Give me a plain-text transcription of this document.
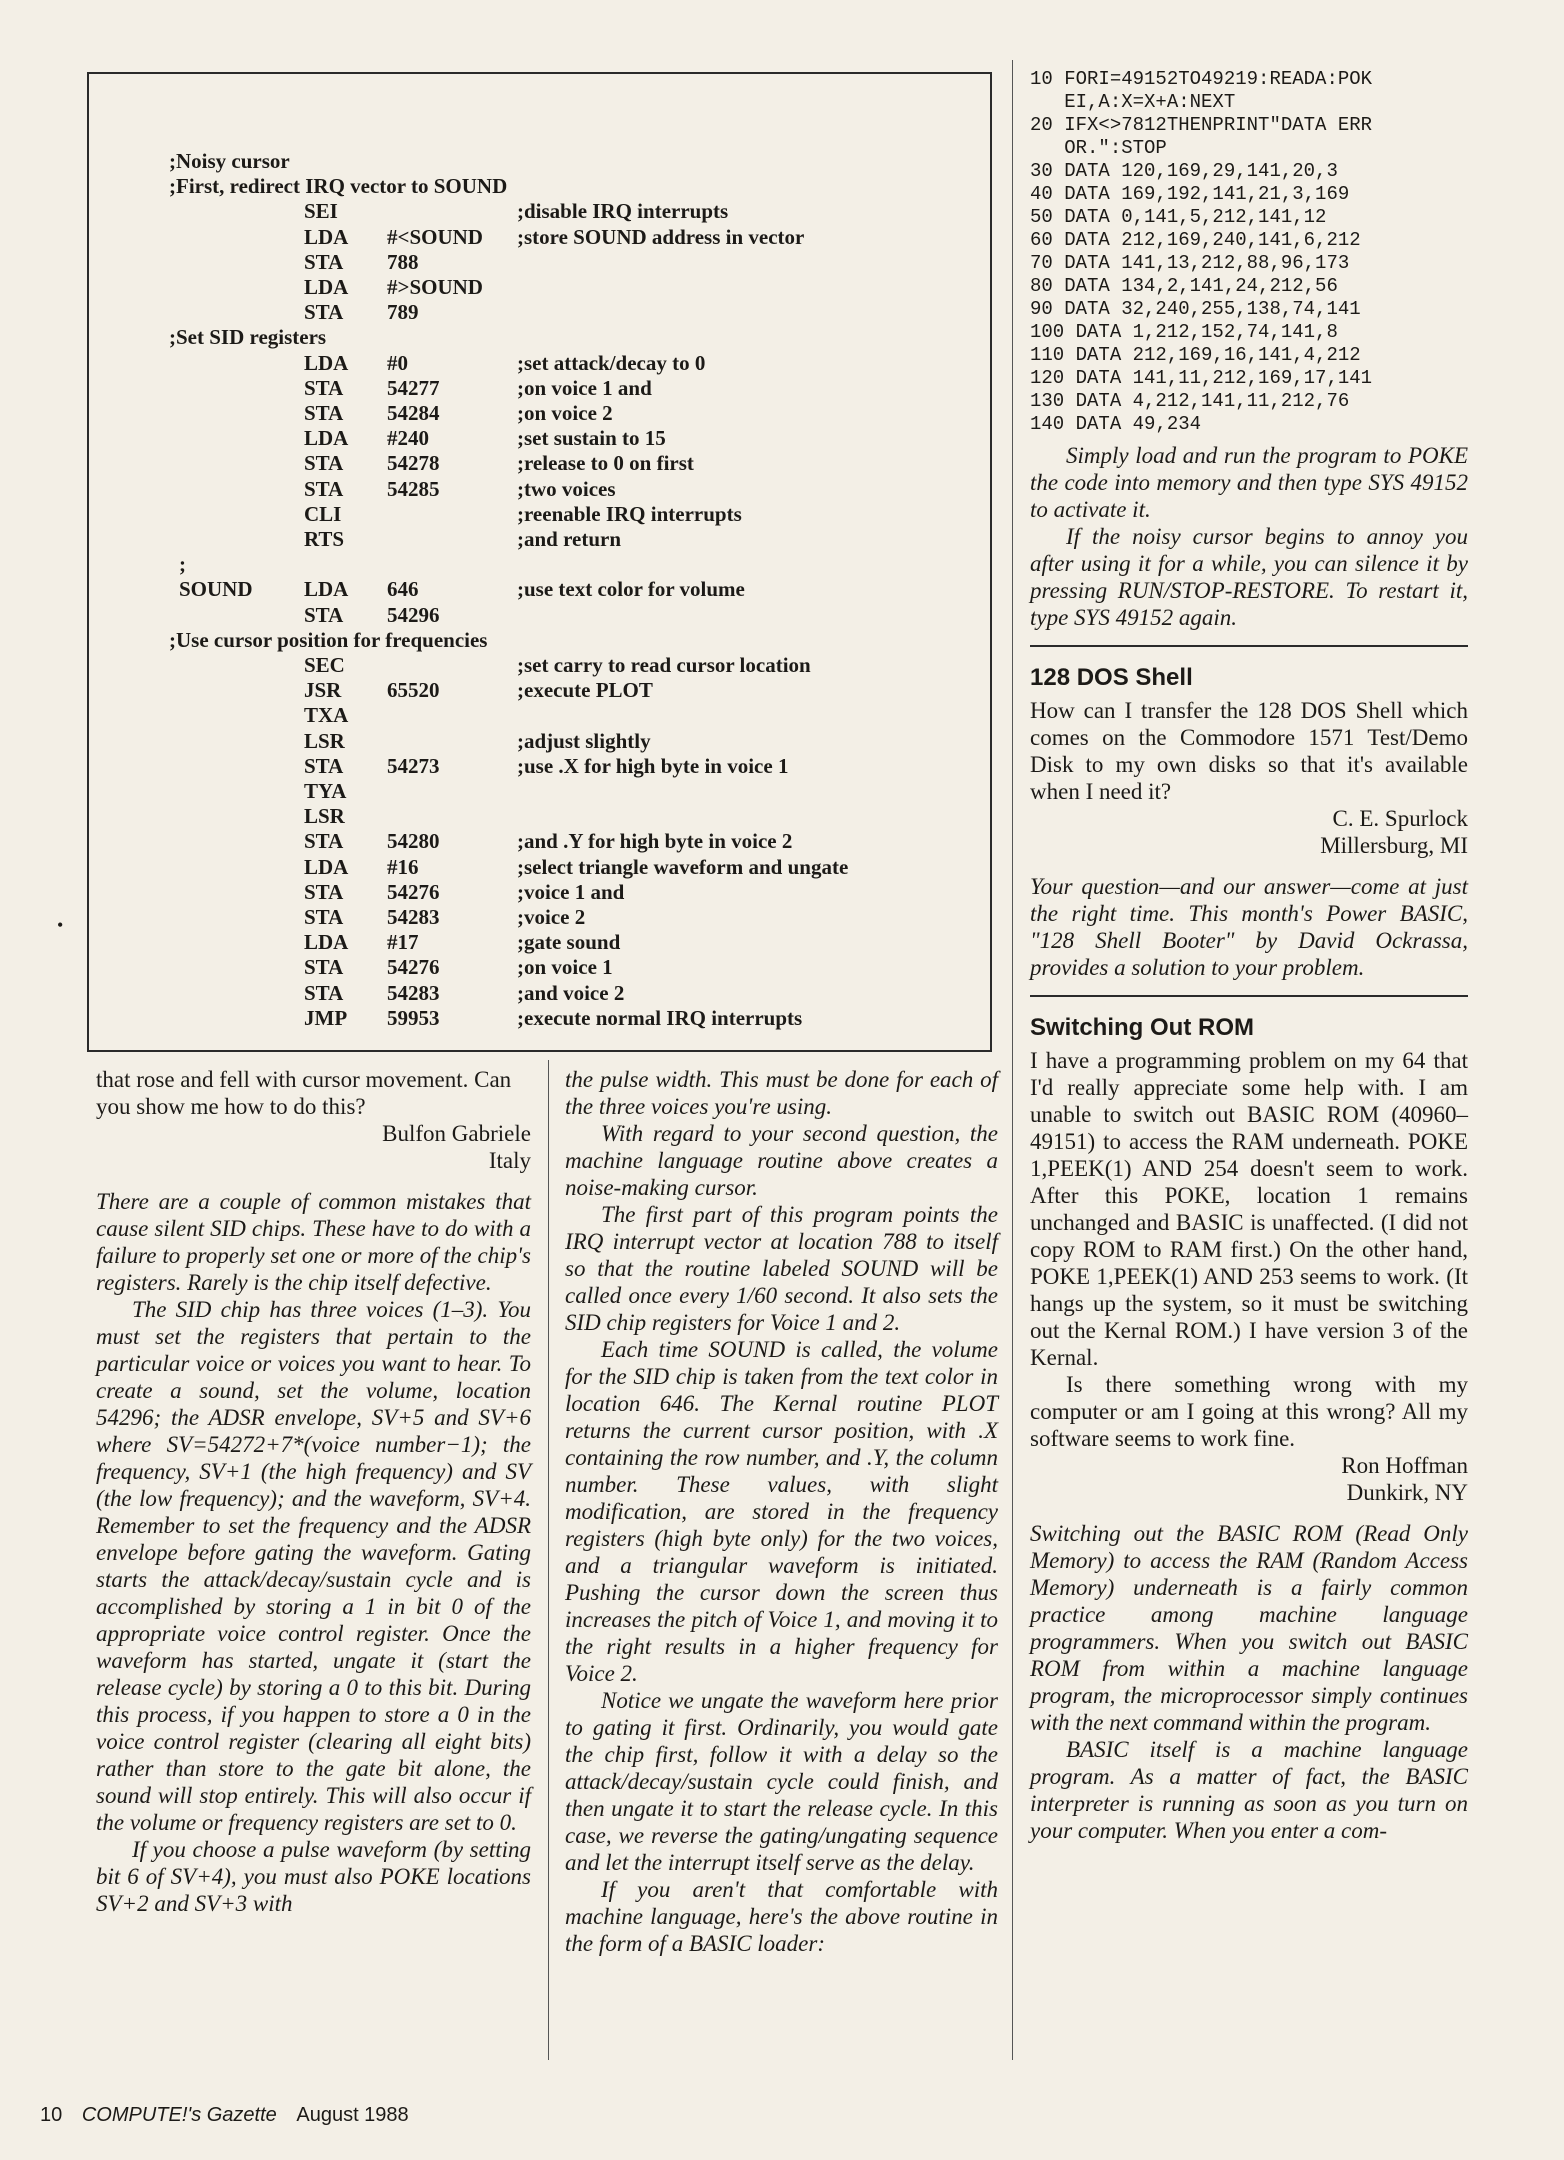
;Noisy cursor
;First, redirect IRQ vector to SOUND
SEI	;disable IRQ interrupts
LDA #<SOUND ;store SOUND address in vector
STA 788
LDA #>SOUND
STA 789
;Set SID registers
LDA #0	;set attack/decay to 0
STA 54277	;on voice 1 and
STA 54284	;on voice 2
LDA #240	;set sustain to 15
STA 54278	;release to 0 on first
STA 54285	;two voices
CLI	;reenable IRQ interrupts
RTS	;and return
;
SOUND LDA 646	;use text color for volume
STA 54296
;Use cursor position for frequencies
SEC	;set carry to read cursor location
JSR 65520	;execute PLOT
TXA
LSR	;adjust slightly
STA 54273	;use .X for high byte in voice 1
TYA
LSR
STA 54280	;and .Y for high byte in voice 2
LDA #16	;select triangle waveform and ungate
STA 54276	;voice 1 and
STA 54283	;voice 2
LDA #17	;gate sound
STA 54276	;on voice 1
STA 54283	;and voice 2
JMP 59953	;execute normal IRQ interrupts
•

that rose and fell with cursor movement. Can you show me how to do this?

Bulfon Gabriele

Italy

There are a couple of common mistakes that cause silent SID chips. These have to do with a failure to properly set one or more of the chip's registers. Rarely is the chip itself defective.

The SID chip has three voices (1–3). You must set the registers that pertain to the particular voice or voices you want to hear. To create a sound, set the volume, location 54296; the ADSR envelope, SV+5 and SV+6 where SV=54272+7*(voice number−1); the frequency, SV+1 (the high frequency) and SV (the low frequency); and the waveform, SV+4. Remember to set the frequency and the ADSR envelope before gating the waveform. Gating starts the attack/decay/sustain cycle and is accomplished by storing a 1 in bit 0 of the appropriate voice control register. Once the waveform has started, ungate it (start the release cycle) by storing a 0 to this bit. During this process, if you happen to store a 0 in the voice control register (clearing all eight bits) rather than store to the gate bit alone, the sound will stop entirely. This will also occur if the volume or frequency registers are set to 0.

If you choose a pulse waveform (by setting bit 6 of SV+4), you must also POKE locations SV+2 and SV+3 with

the pulse width. This must be done for each of the three voices you're using.

With regard to your second question, the machine language routine above creates a noise-making cursor.

The first part of this program points the IRQ interrupt vector at location 788 to itself so that the routine labeled SOUND will be called once every 1/60 second. It also sets the SID chip registers for Voice 1 and 2.

Each time SOUND is called, the volume for the SID chip is taken from the text color in location 646. The Kernal routine PLOT returns the current cursor position, with .X containing the row number, and .Y, the column number. These values, with slight modification, are stored in the frequency registers (high byte only) for the two voices, and a triangular waveform is initiated. Pushing the cursor down the screen thus increases the pitch of Voice 1, and moving it to the right results in a higher frequency for Voice 2.

Notice we ungate the waveform here prior to gating it first. Ordinarily, you would gate the chip first, follow it with a delay so the attack/decay/sustain cycle could finish, and then ungate it to start the release cycle. In this case, we reverse the gating/ungating sequence and let the interrupt itself serve as the delay.

If you aren't that comfortable with machine language, here's the above routine in the form of a BASIC loader:

10 FORI=49152TO49219:READA:POK
EI,A:X=X+A:NEXT
20 IFX<>7812THENPRINT"DATA ERR
OR.":STOP
30 DATA 120,169,29,141,20,3
40 DATA 169,192,141,21,3,169
50 DATA 0,141,5,212,141,12
60 DATA 212,169,240,141,6,212
70 DATA 141,13,212,88,96,173
80 DATA 134,2,141,24,212,56
90 DATA 32,240,255,138,74,141
100 DATA 1,212,152,74,141,8
110 DATA 212,169,16,141,4,212
120 DATA 141,11,212,169,17,141
130 DATA 4,212,141,11,212,76
140 DATA 49,234

Simply load and run the program to POKE the code into memory and then type SYS 49152 to activate it.

If the noisy cursor begins to annoy you after using it for a while, you can silence it by pressing RUN/STOP-RESTORE. To restart it, type SYS 49152 again.

128 DOS Shell

How can I transfer the 128 DOS Shell which comes on the Commodore 1571 Test/Demo Disk to my own disks so that it's available when I need it?

C. E. Spurlock

Millersburg, MI

Your question—and our answer—come at just the right time. This month's Power BASIC, "128 Shell Booter" by David Ockrassa, provides a solution to your problem.

Switching Out ROM

I have a programming problem on my 64 that I'd really appreciate some help with. I am unable to switch out BASIC ROM (40960–49151) to access the RAM underneath. POKE 1,PEEK(1) AND 254 doesn't seem to work. After this POKE, location 1 remains unchanged and BASIC is unaffected. (I did not copy ROM to RAM first.) On the other hand, POKE 1,PEEK(1) AND 253 seems to work. (It hangs up the system, so it must be switching out the Kernal ROM.) I have version 3 of the Kernal.

Is there something wrong with my computer or am I going at this wrong? All my software seems to work fine.

Ron Hoffman

Dunkirk, NY

Switching out the BASIC ROM (Read Only Memory) to access the RAM (Random Access Memory) underneath is a fairly common practice among machine language programmers. When you switch out BASIC ROM from within a machine language program, the microprocessor simply continues with the next command within the program.

BASIC itself is a machine language program. As a matter of fact, the BASIC interpreter is running as soon as you turn on your computer. When you enter a com-

10 COMPUTE!'s Gazette August 1988
